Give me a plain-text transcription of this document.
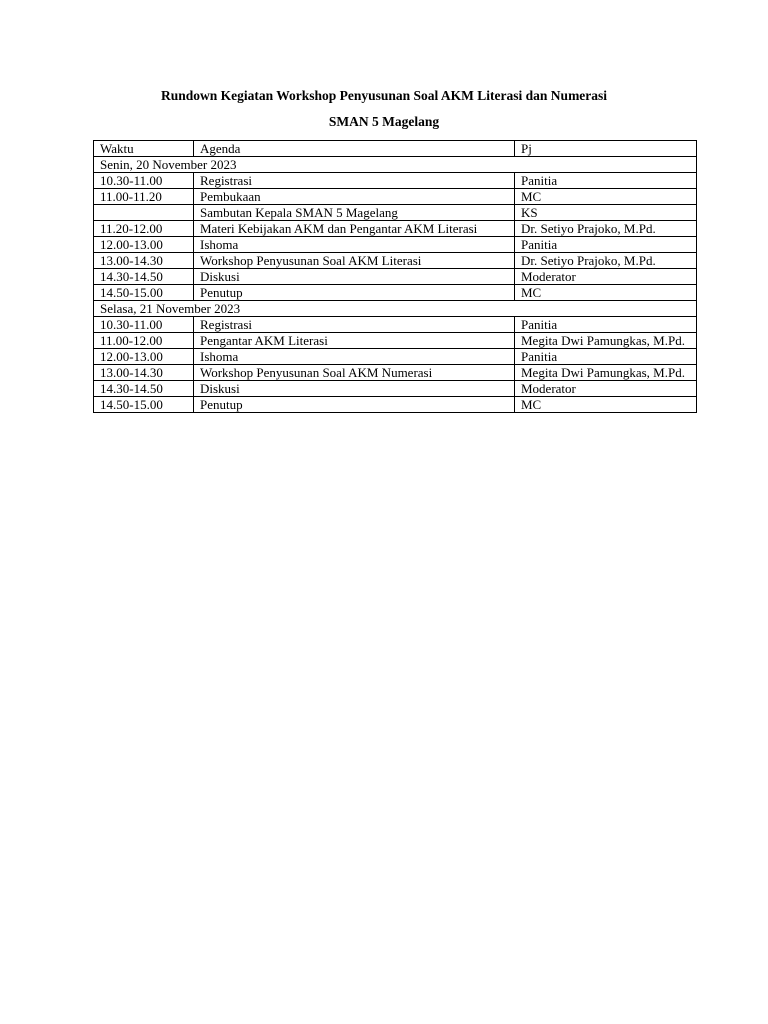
Rundown Kegiatan Workshop Penyusunan Soal AKM Literasi dan Numerasi

SMAN 5 Magelang

Waktu	Agenda	Pj
Senin, 20 November 2023		
10.30-11.00	Registrasi	Panitia
11.00-11.20	Pembukaan	MC
	Sambutan Kepala SMAN 5 Magelang	KS
11.20-12.00	Materi Kebijakan AKM dan Pengantar AKM Literasi	Dr. Setiyo Prajoko, M.Pd.
12.00-13.00	Ishoma	Panitia
13.00-14.30	Workshop Penyusunan Soal AKM Literasi	Dr. Setiyo Prajoko, M.Pd.
14.30-14.50	Diskusi	Moderator
14.50-15.00	Penutup	MC
Selasa, 21 November 2023		
10.30-11.00	Registrasi	Panitia
11.00-12.00	Pengantar AKM Literasi	Megita Dwi Pamungkas, M.Pd.
12.00-13.00	Ishoma	Panitia
13.00-14.30	Workshop Penyusunan Soal AKM Numerasi	Megita Dwi Pamungkas, M.Pd.
14.30-14.50	Diskusi	Moderator
14.50-15.00	Penutup	MC
